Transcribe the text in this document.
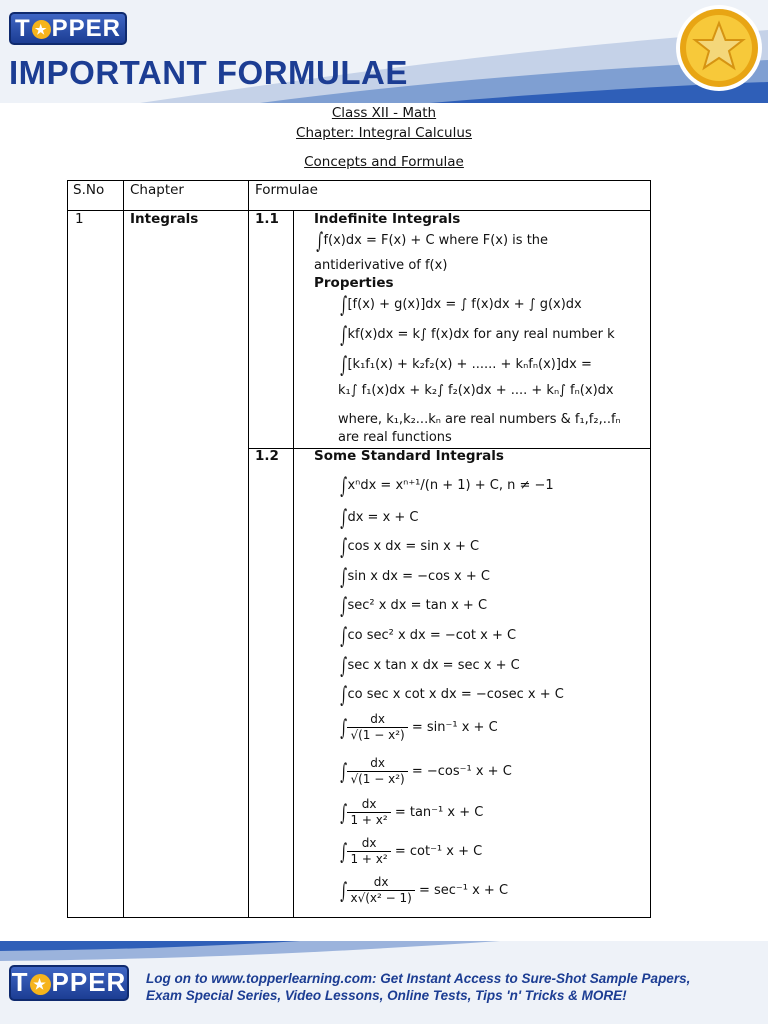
T ★ PPER
IMPORTANT FORMULAE
Class XII - Math
Chapter: Integral Calculus
Concepts and Formulae
S.No Chapter	Formulae
1	Integrals	1.1	Indefinite Integrals
∫f(x)dx = F(x) + C where F(x) is the
antiderivative of f(x)
Properties
∫[f(x) + g(x)]dx = ∫ f(x)dx + ∫ g(x)dx
∫kf(x)dx = k∫ f(x)dx for any real number k
∫[k₁f₁(x) + k₂f₂(x) + ...... + kₙfₙ(x)]dx =
k₁∫ f₁(x)dx + k₂∫ f₂(x)dx + .... + kₙ∫ fₙ(x)dx
where, k₁,k₂...kₙ are real numbers & f₁,f₂,..fₙ
are real functions
1.2	Some Standard Integrals
∫xⁿdx = xⁿ⁺¹/(n + 1) + C, n ≠ −1
∫dx = x + C
∫cos x dx = sin x + C
∫sin x dx = −cos x + C
∫sec² x dx = tan x + C
∫co sec² x dx = −cot x + C
∫sec x tan x dx = sec x + C
∫co sec x cot x dx = −cosec x + C
∫ $\frac{dx}{\text{√(1 − x²)}} = \sin^{-1}$ x + C
∫ $\frac{dx}{\text{√(1 − x²)}} = -\cos^{-1}$ x + C
∫ $\frac{dx}{\text{1 + x²}} = \tan^{-1}$ x + C
∫ $\frac{dx}{\text{1 + x²}} = \cot^{-1}$ x + C
∫ $\frac{dx}{\text{x√(x² − 1)}} = \sec^{-1}$ x + C
T ★ PPER Log on to www.topperlearning.com: Get Instant Access to Sure-Shot Sample Papers,
Exam Special Series, Video Lessons, Online Tests, Tips 'n' Tricks & MORE!
